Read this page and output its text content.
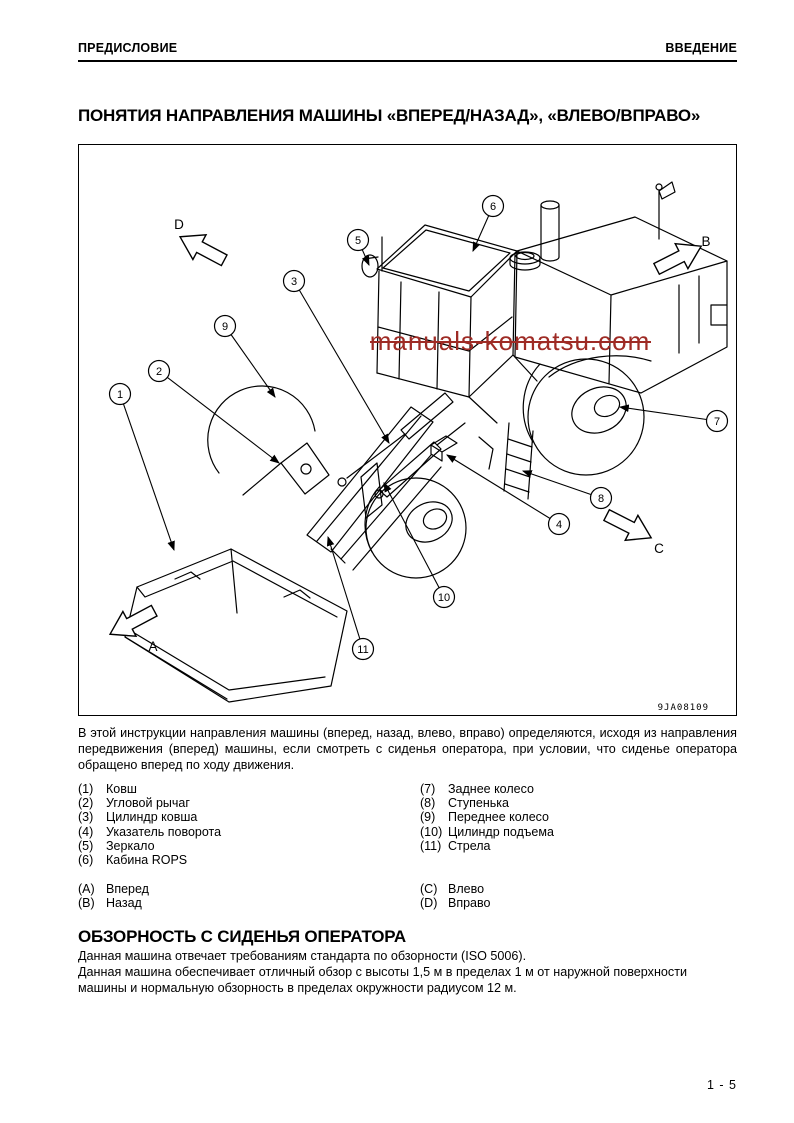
ПРЕДИСЛОВИЕ	ВВЕДЕНИЕ
ПОНЯТИЯ НАПРАВЛЕНИЯ МАШИНЫ «ВПЕРЕД/НАЗАД», «ВЛЕВО/ВПРАВО»
manuals-komatsu.com
1
2
3
4
5
6
7
8
9
10
11
D
B
C
A
9JA08109
В этой инструкции направления машины (вперед, назад, влево, вправо) определяются, исходя из направления передвижения (вперед) машины, если смотреть с сиденья оператора, при условии, что сиденье оператора обращено вперед по ходу движения.
(1)	Ковш
(2)	Угловой рычаг
(3)	Цилиндр ковша
(4)	Указатель поворота
(5)	Зеркало
(6)	Кабина ROPS
(7)	Заднее колесо
(8)	Ступенька
(9)	Переднее колесо
(10) Цилиндр подъема
(11) Стрела
(A) Вперед
(B) Назад
(C) Влево
(D) Вправо
ОБЗОРНОСТЬ С СИДЕНЬЯ ОПЕРАТОРА
Данная машина отвечает требованиям стандарта по обзорности (ISO 5006).
Данная машина обеспечивает отличный обзор с высоты 1,5 м в пределах 1 м от наружной поверхности машины и нормальную обзорность в пределах окружности радиусом 12 м.
1 - 5
